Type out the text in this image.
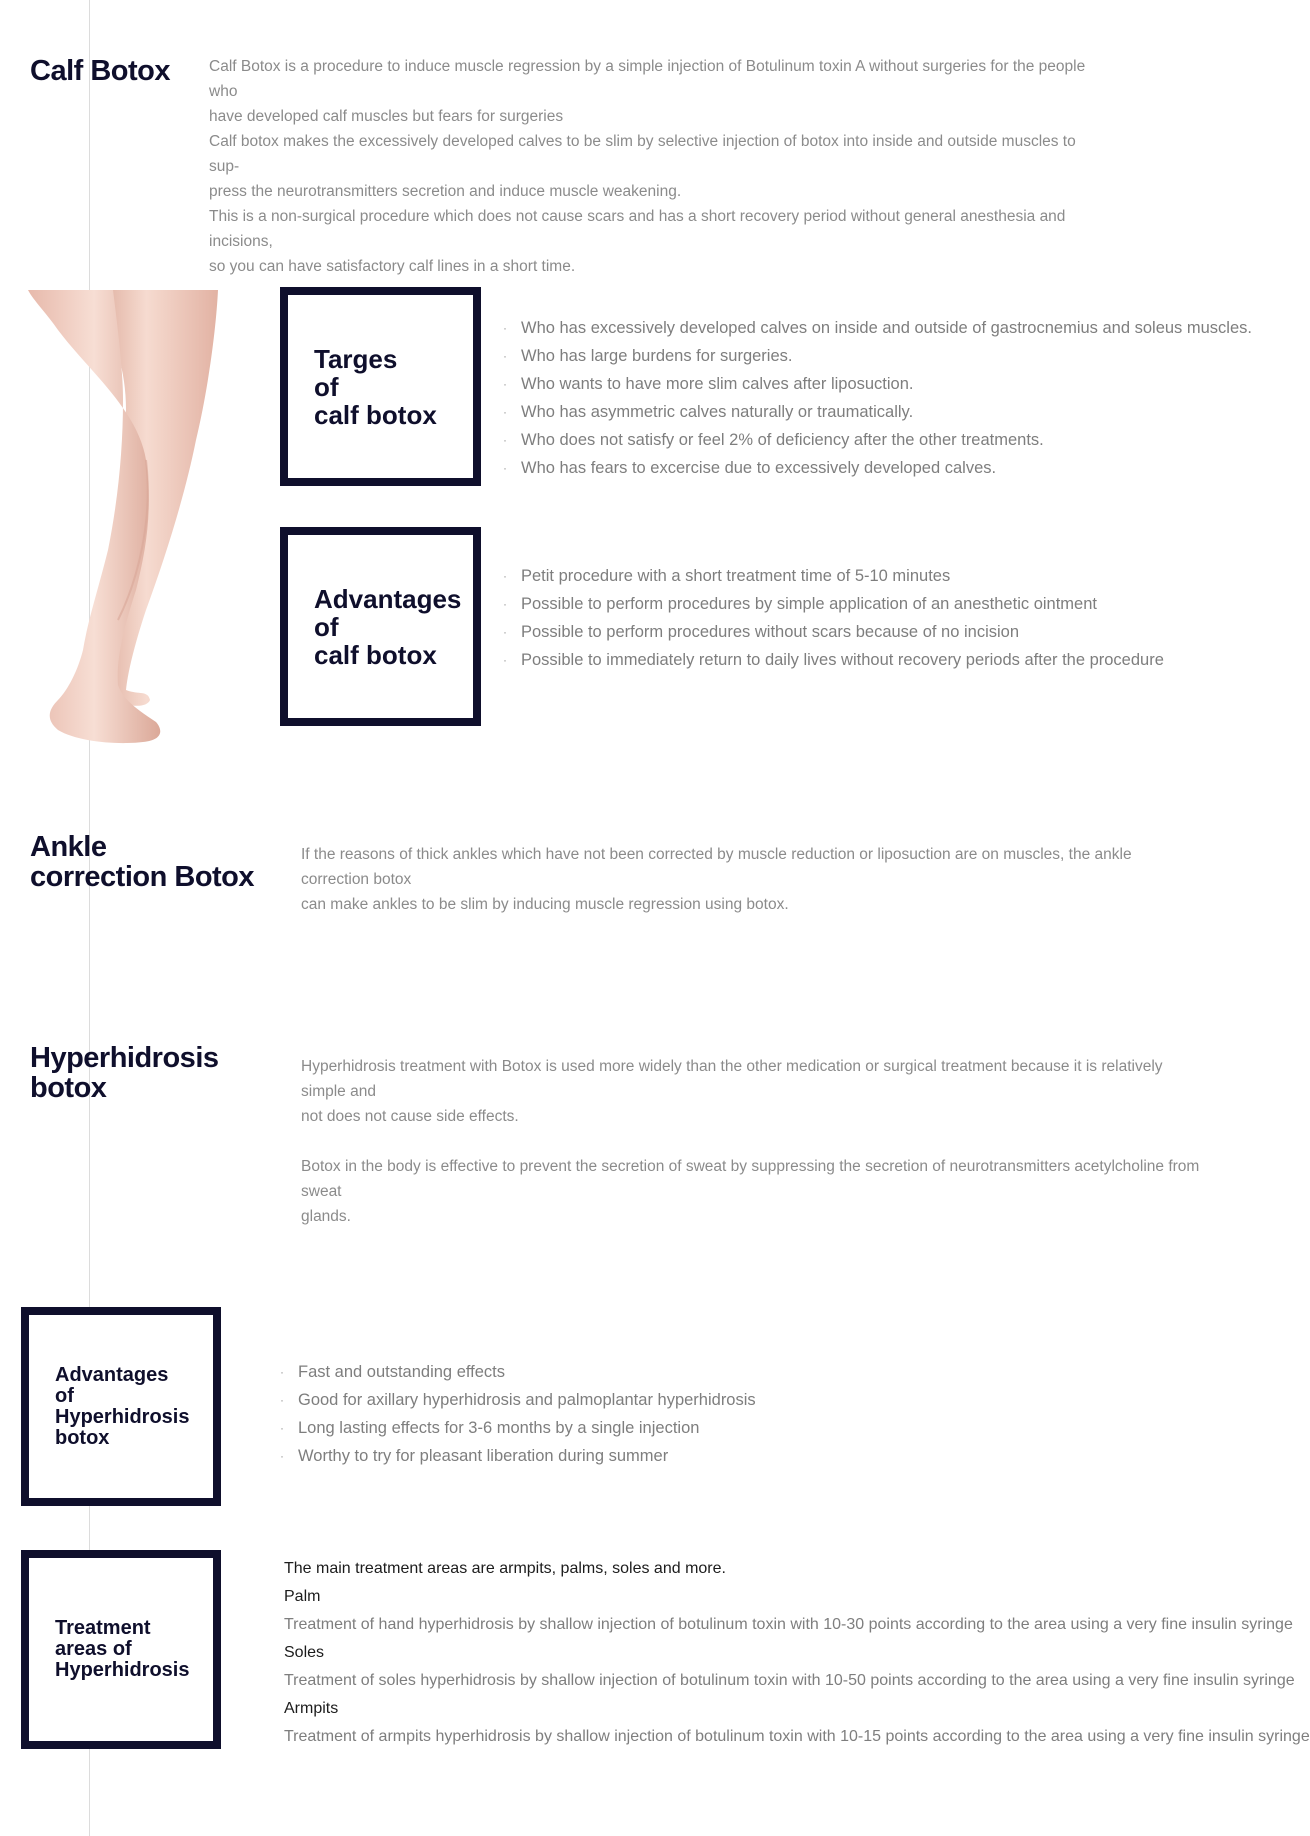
Calf Botox	Calf Botox is a procedure to induce muscle regression by a simple injection of Botulinum toxin A without surgeries for the people who

have developed calf muscles but fears for surgeries

Calf botox makes the excessively developed calves to be slim by selective injection of botox into inside and outside muscles to sup-

press the neurotransmitters secretion and induce muscle weakening.

This is a non-surgical procedure which does not cause scars and has a short recovery period without general anesthesia and incisions,

so you can have satisfactory calf lines in a short time.

Targes
of
calf botox
· Who has excessively developed calves on inside and outside of gastrocnemius and soleus muscles.
· Who has large burdens for surgeries.
· Who wants to have more slim calves after liposuction.
· Who has asymmetric calves naturally or traumatically.
· Who does not satisfy or feel 2% of deficiency after the other treatments.
· Who has fears to excercise due to excessively developed calves.
Advantages
of
calf botox
· Petit procedure with a short treatment time of 5-10 minutes
· Possible to perform procedures by simple application of an anesthetic ointment
· Possible to perform procedures without scars because of no incision
· Possible to immediately return to daily lives without recovery periods after the procedure
Ankle
correction Botox

If the reasons of thick ankles which have not been corrected by muscle reduction or liposuction are on muscles, the ankle correction botox

can make ankles to be slim by inducing muscle regression using botox.

Hyperhidrosis
botox

Hyperhidrosis treatment with Botox is used more widely than the other medication or surgical treatment because it is relatively simple and

not does not cause side effects.

Botox in the body is effective to prevent the secretion of sweat by suppressing the secretion of neurotransmitters acetylcholine from sweat

glands.

Advantages
of
Hyperhidrosis
botox
· Fast and outstanding effects
· Good for axillary hyperhidrosis and palmoplantar hyperhidrosis
· Long lasting effects for 3-6 months by a single injection
· Worthy to try for pleasant liberation during summer
Treatment
areas of
Hyperhidrosis
The main treatment areas are armpits, palms, soles and more.
Palm
Treatment of hand hyperhidrosis by shallow injection of botulinum toxin with 10-30 points according to the area using a very fine insulin syringe
Soles
Treatment of soles hyperhidrosis by shallow injection of botulinum toxin with 10-50 points according to the area using a very fine insulin syringe
Armpits
Treatment of armpits hyperhidrosis by shallow injection of botulinum toxin with 10-15 points according to the area using a very fine insulin syringe
